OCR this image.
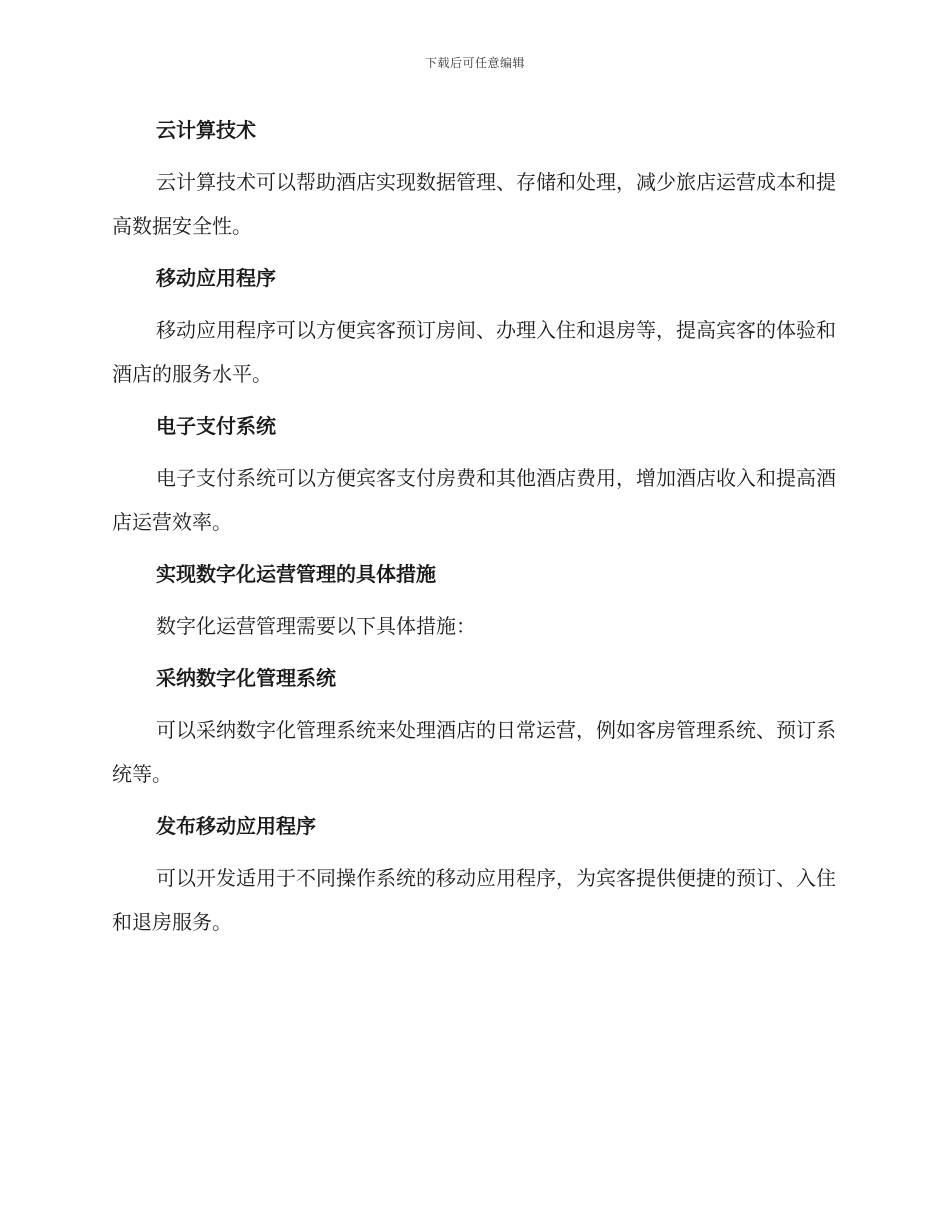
下载后可任意编辑
云计算技术
云计算技术可以帮助酒店实现数据管理、存储和处理，减少旅店运营成本和提高数据安全性。
移动应用程序
移动应用程序可以方便宾客预订房间、办理入住和退房等，提高宾客的体验和酒店的服务水平。
电子支付系统
电子支付系统可以方便宾客支付房费和其他酒店费用，增加酒店收入和提高酒店运营效率。
实现数字化运营管理的具体措施
数字化运营管理需要以下具体措施：
采纳数字化管理系统
可以采纳数字化管理系统来处理酒店的日常运营，例如客房管理系统、预订系统等。
发布移动应用程序
可以开发适用于不同操作系统的移动应用程序，为宾客提供便捷的预订、入住和退房服务。
